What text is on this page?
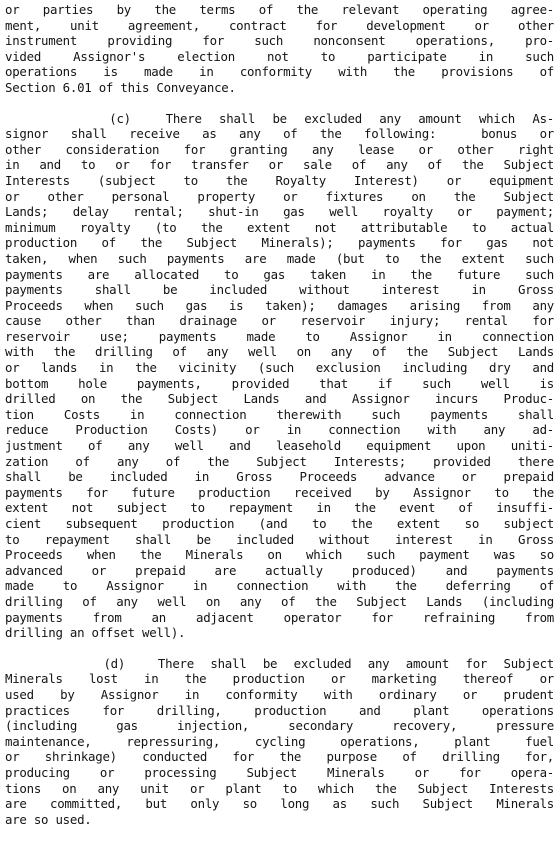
or parties by the terms of the relevant operating agree-
ment, unit agreement, contract for development or other
instrument providing for such nonconsent operations, pro-
vided Assignor's election not to participate in such
operations is made in conformity with the provisions of
Section 6.01 of this Conveyance.
(c)  There shall be excluded any amount which As-
signor shall receive as any of the following:  bonus or
other consideration for granting any lease or other right
in and to or for transfer or sale of any of the Subject
Interests (subject to the Royalty Interest) or equipment
or other personal property or fixtures on the Subject
Lands; delay rental; shut-in gas well royalty or payment;
minimum royalty (to the extent not attributable to actual
production of the Subject Minerals); payments for gas not
taken, when such payments are made (but to the extent such
payments are allocated to gas taken in the future such
payments shall be included without interest in Gross
Proceeds when such gas is taken); damages arising from any
cause other than drainage or reservoir injury; rental for
reservoir use; payments made to Assignor in connection
with the drilling of any well on any of the Subject Lands
or lands in the vicinity (such exclusion including dry and
bottom hole payments, provided that if such well is
drilled on the Subject Lands and Assignor incurs Produc-
tion Costs in connection therewith such payments shall
reduce Production Costs) or in connection with any ad-
justment of any well and leasehold equipment upon uniti-
zation of any of the Subject Interests; provided there
shall be included in Gross Proceeds advance or prepaid
payments for future production received by Assignor to the
extent not subject to repayment in the event of insuffi-
cient subsequent production (and to the extent so subject
to repayment shall be included without interest in Gross
Proceeds when the Minerals on which such payment was so
advanced or prepaid are actually produced) and payments
made to Assignor in connection with the deferring of
drilling of any well on any of the Subject Lands (including
payments from an adjacent operator for refraining from
drilling an offset well).
(d)  There shall be excluded any amount for Subject
Minerals lost in the production or marketing thereof or
used by Assignor in conformity with ordinary or prudent
practices for drilling, production and plant operations
(including gas injection, secondary recovery, pressure
maintenance, repressuring, cycling operations, plant fuel
or shrinkage) conducted for the purpose of drilling for,
producing or processing Subject Minerals or for opera-
tions on any unit or plant to which the Subject Interests
are committed, but only so long as such Subject Minerals
are so used.
